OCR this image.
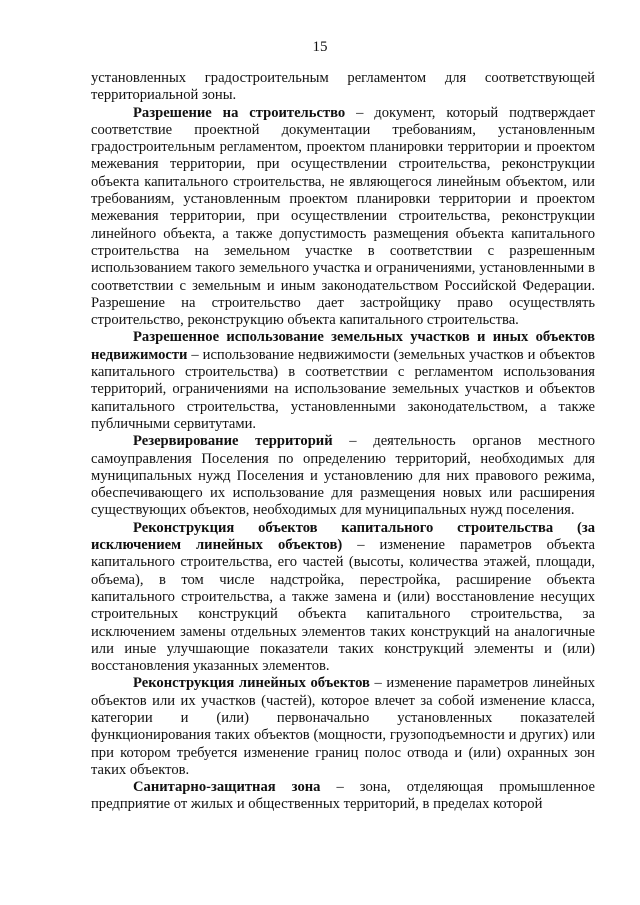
15

установленных градостроительным регламентом для соответствующей территориальной зоны.

Разрешение на строительство – документ, который подтверждает соответствие проектной документации требованиям, установленным градостроительным регламентом, проектом планировки территории и проектом межевания территории, при осуществлении строительства, реконструкции объекта капитального строительства, не являющегося линейным объектом, или требованиям, установленным проектом планировки территории и проектом межевания территории, при осуществлении строительства, реконструкции линейного объекта, а также допустимость размещения объекта капитального строительства на земельном участке в соответствии с разрешенным использованием такого земельного участка и ограничениями, установленными в соответствии с земельным и иным законодательством Российской Федерации. Разрешение на строительство дает застройщику право осуществлять строительство, реконструкцию объекта капитального строительства.

Разрешенное использование земельных участков и иных объектов недвижимости – использование недвижимости (земельных участков и объектов капитального строительства) в соответствии с регламентом использования территорий, ограничениями на использование земельных участков и объектов капитального строительства, установленными законодательством, а также публичными сервитутами.

Резервирование территорий – деятельность органов местного самоуправления Поселения по определению территорий, необходимых для муниципальных нужд Поселения и установлению для них правового режима, обеспечивающего их использование для размещения новых или расширения существующих объектов, необходимых для муниципальных нужд поселения.

Реконструкция объектов капитального строительства (за исключением линейных объектов) – изменение параметров объекта капитального строительства, его частей (высоты, количества этажей, площади, объема), в том числе надстройка, перестройка, расширение объекта капитального строительства, а также замена и (или) восстановление несущих строительных конструкций объекта капитального строительства, за исключением замены отдельных элементов таких конструкций на аналогичные или иные улучшающие показатели таких конструкций элементы и (или) восстановления указанных элементов.

Реконструкция линейных объектов – изменение параметров линейных объектов или их участков (частей), которое влечет за собой изменение класса, категории и (или) первоначально установленных показателей функционирования таких объектов (мощности, грузоподъемности и других) или при котором требуется изменение границ полос отвода и (или) охранных зон таких объектов.

Санитарно-защитная зона – зона, отделяющая промышленное предприятие от жилых и общественных территорий, в пределах которой
